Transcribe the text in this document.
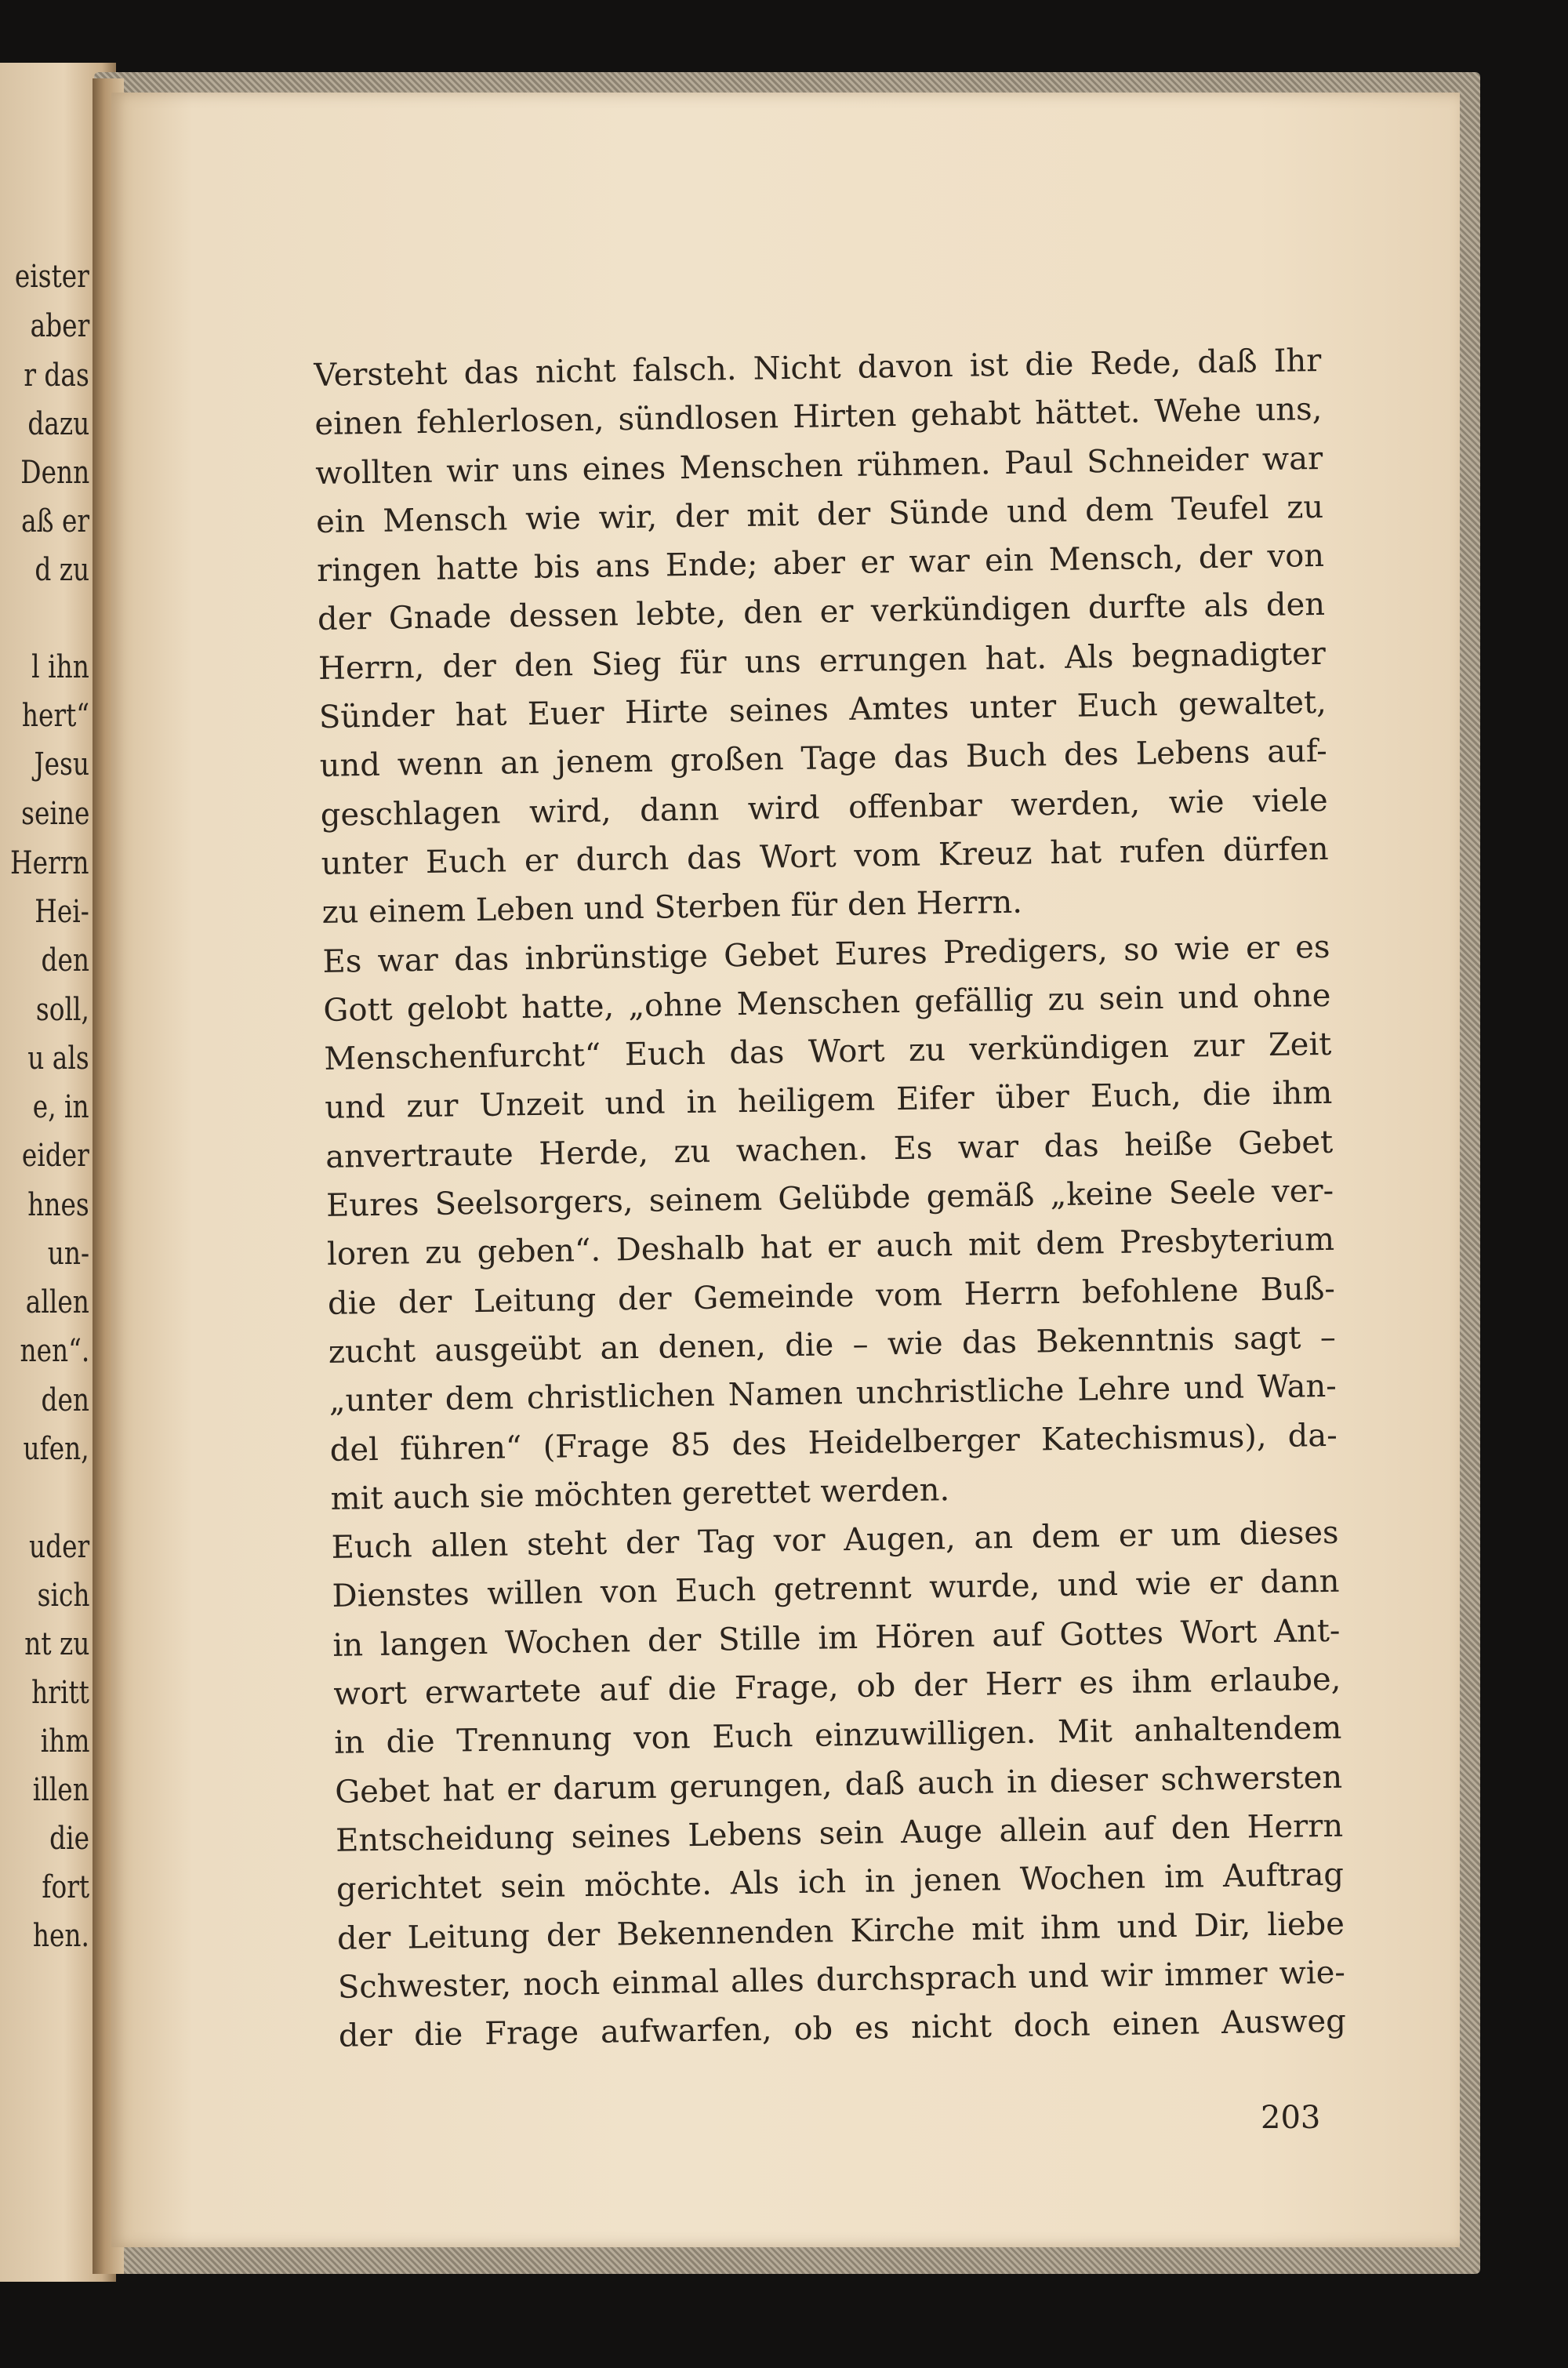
eister
aber
r das
dazu
Denn
aß er
d zu
l ihn
hert“
Jesu
seine
Herrn
Hei-
den
soll,
u als
e, in
eider
hnes
un-
allen
nen“.
den
ufen,
uder
sich
nt zu
hritt
ihm
illen
die
fort
hen.
Versteht das nicht falsch. Nicht davon ist die Rede, daß Ihr
einen fehlerlosen, sündlosen Hirten gehabt hättet. Wehe uns,
wollten wir uns eines Menschen rühmen. Paul Schneider war
ein Mensch wie wir, der mit der Sünde und dem Teufel zu
ringen hatte bis ans Ende; aber er war ein Mensch, der von
der Gnade dessen lebte, den er verkündigen durfte als den
Herrn, der den Sieg für uns errungen hat. Als begnadigter
Sünder hat Euer Hirte seines Amtes unter Euch gewaltet,
und wenn an jenem großen Tage das Buch des Lebens auf-
geschlagen wird, dann wird offenbar werden, wie viele
unter Euch er durch das Wort vom Kreuz hat rufen dürfen
zu einem Leben und Sterben für den Herrn.
Es war das inbrünstige Gebet Eures Predigers, so wie er es
Gott gelobt hatte, „ohne Menschen gefällig zu sein und ohne
Menschenfurcht“ Euch das Wort zu verkündigen zur Zeit
und zur Unzeit und in heiligem Eifer über Euch, die ihm
anvertraute Herde, zu wachen. Es war das heiße Gebet
Eures Seelsorgers, seinem Gelübde gemäß „keine Seele ver-
loren zu geben“. Deshalb hat er auch mit dem Presbyterium
die der Leitung der Gemeinde vom Herrn befohlene Buß-
zucht ausgeübt an denen, die – wie das Bekenntnis sagt –
„unter dem christlichen Namen unchristliche Lehre und Wan-
del führen“ (Frage 85 des Heidelberger Katechismus), da-
mit auch sie möchten gerettet werden.
Euch allen steht der Tag vor Augen, an dem er um dieses
Dienstes willen von Euch getrennt wurde, und wie er dann
in langen Wochen der Stille im Hören auf Gottes Wort Ant-
wort erwartete auf die Frage, ob der Herr es ihm erlaube,
in die Trennung von Euch einzuwilligen. Mit anhaltendem
Gebet hat er darum gerungen, daß auch in dieser schwersten
Entscheidung seines Lebens sein Auge allein auf den Herrn
gerichtet sein möchte. Als ich in jenen Wochen im Auftrag
der Leitung der Bekennenden Kirche mit ihm und Dir, liebe
Schwester, noch einmal alles durchsprach und wir immer wie-
der die Frage aufwarfen, ob es nicht doch einen Ausweg
203
